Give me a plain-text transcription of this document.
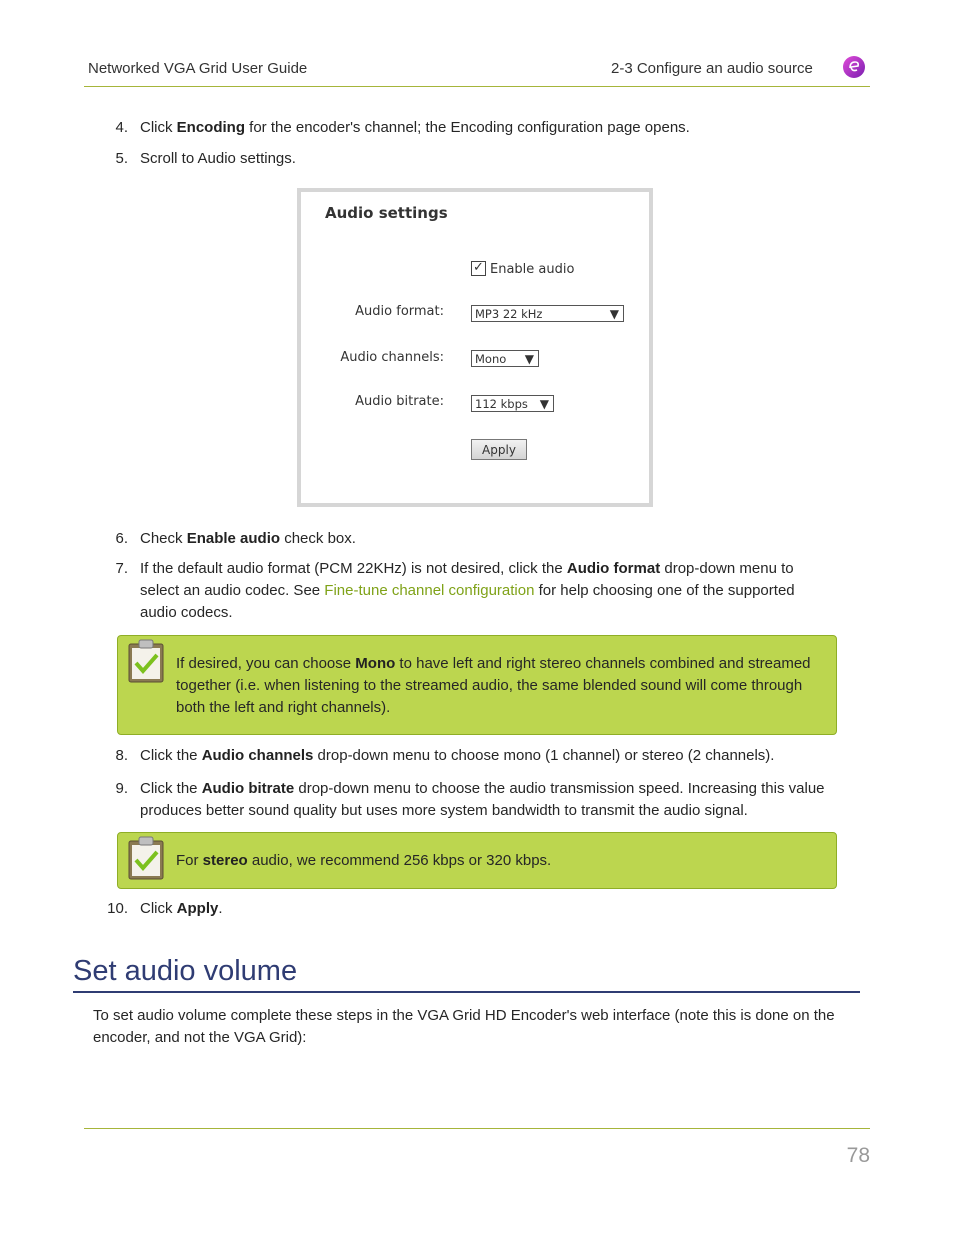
Networked VGA Grid User Guide	2-3 Configure an audio source
4. Click Encoding for the encoder's channel; the Encoding configuration page opens.
5. Scroll to Audio settings.
Audio settings
✓ Enable audio
Audio format:	MP3 22 kHz	▼
Audio channels:	Mono ▼
Audio bitrate:	112 kbps ▼
Apply
6. Check Enable audio check box.
7. If the default audio format (PCM 22KHz) is not desired, click the Audio format drop-down menu to select an audio codec. See Fine-tune channel configuration for help choosing one of the supported audio codecs.
If desired, you can choose Mono to have left and right stereo channels combined and streamed together (i.e. when listening to the streamed audio, the same blended sound will come through both the left and right channels).
8. Click the Audio channels drop-down menu to choose mono (1 channel) or stereo (2 channels).
9. Click the Audio bitrate drop-down menu to choose the audio transmission speed. Increasing this value produces better sound quality but uses more system bandwidth to transmit the audio signal.
For stereo audio, we recommend 256 kbps or 320 kbps.
10. Click Apply.
Set audio volume
To set audio volume complete these steps in the VGA Grid HD Encoder's web interface (note this is done on the encoder, and not the VGA Grid):
78
